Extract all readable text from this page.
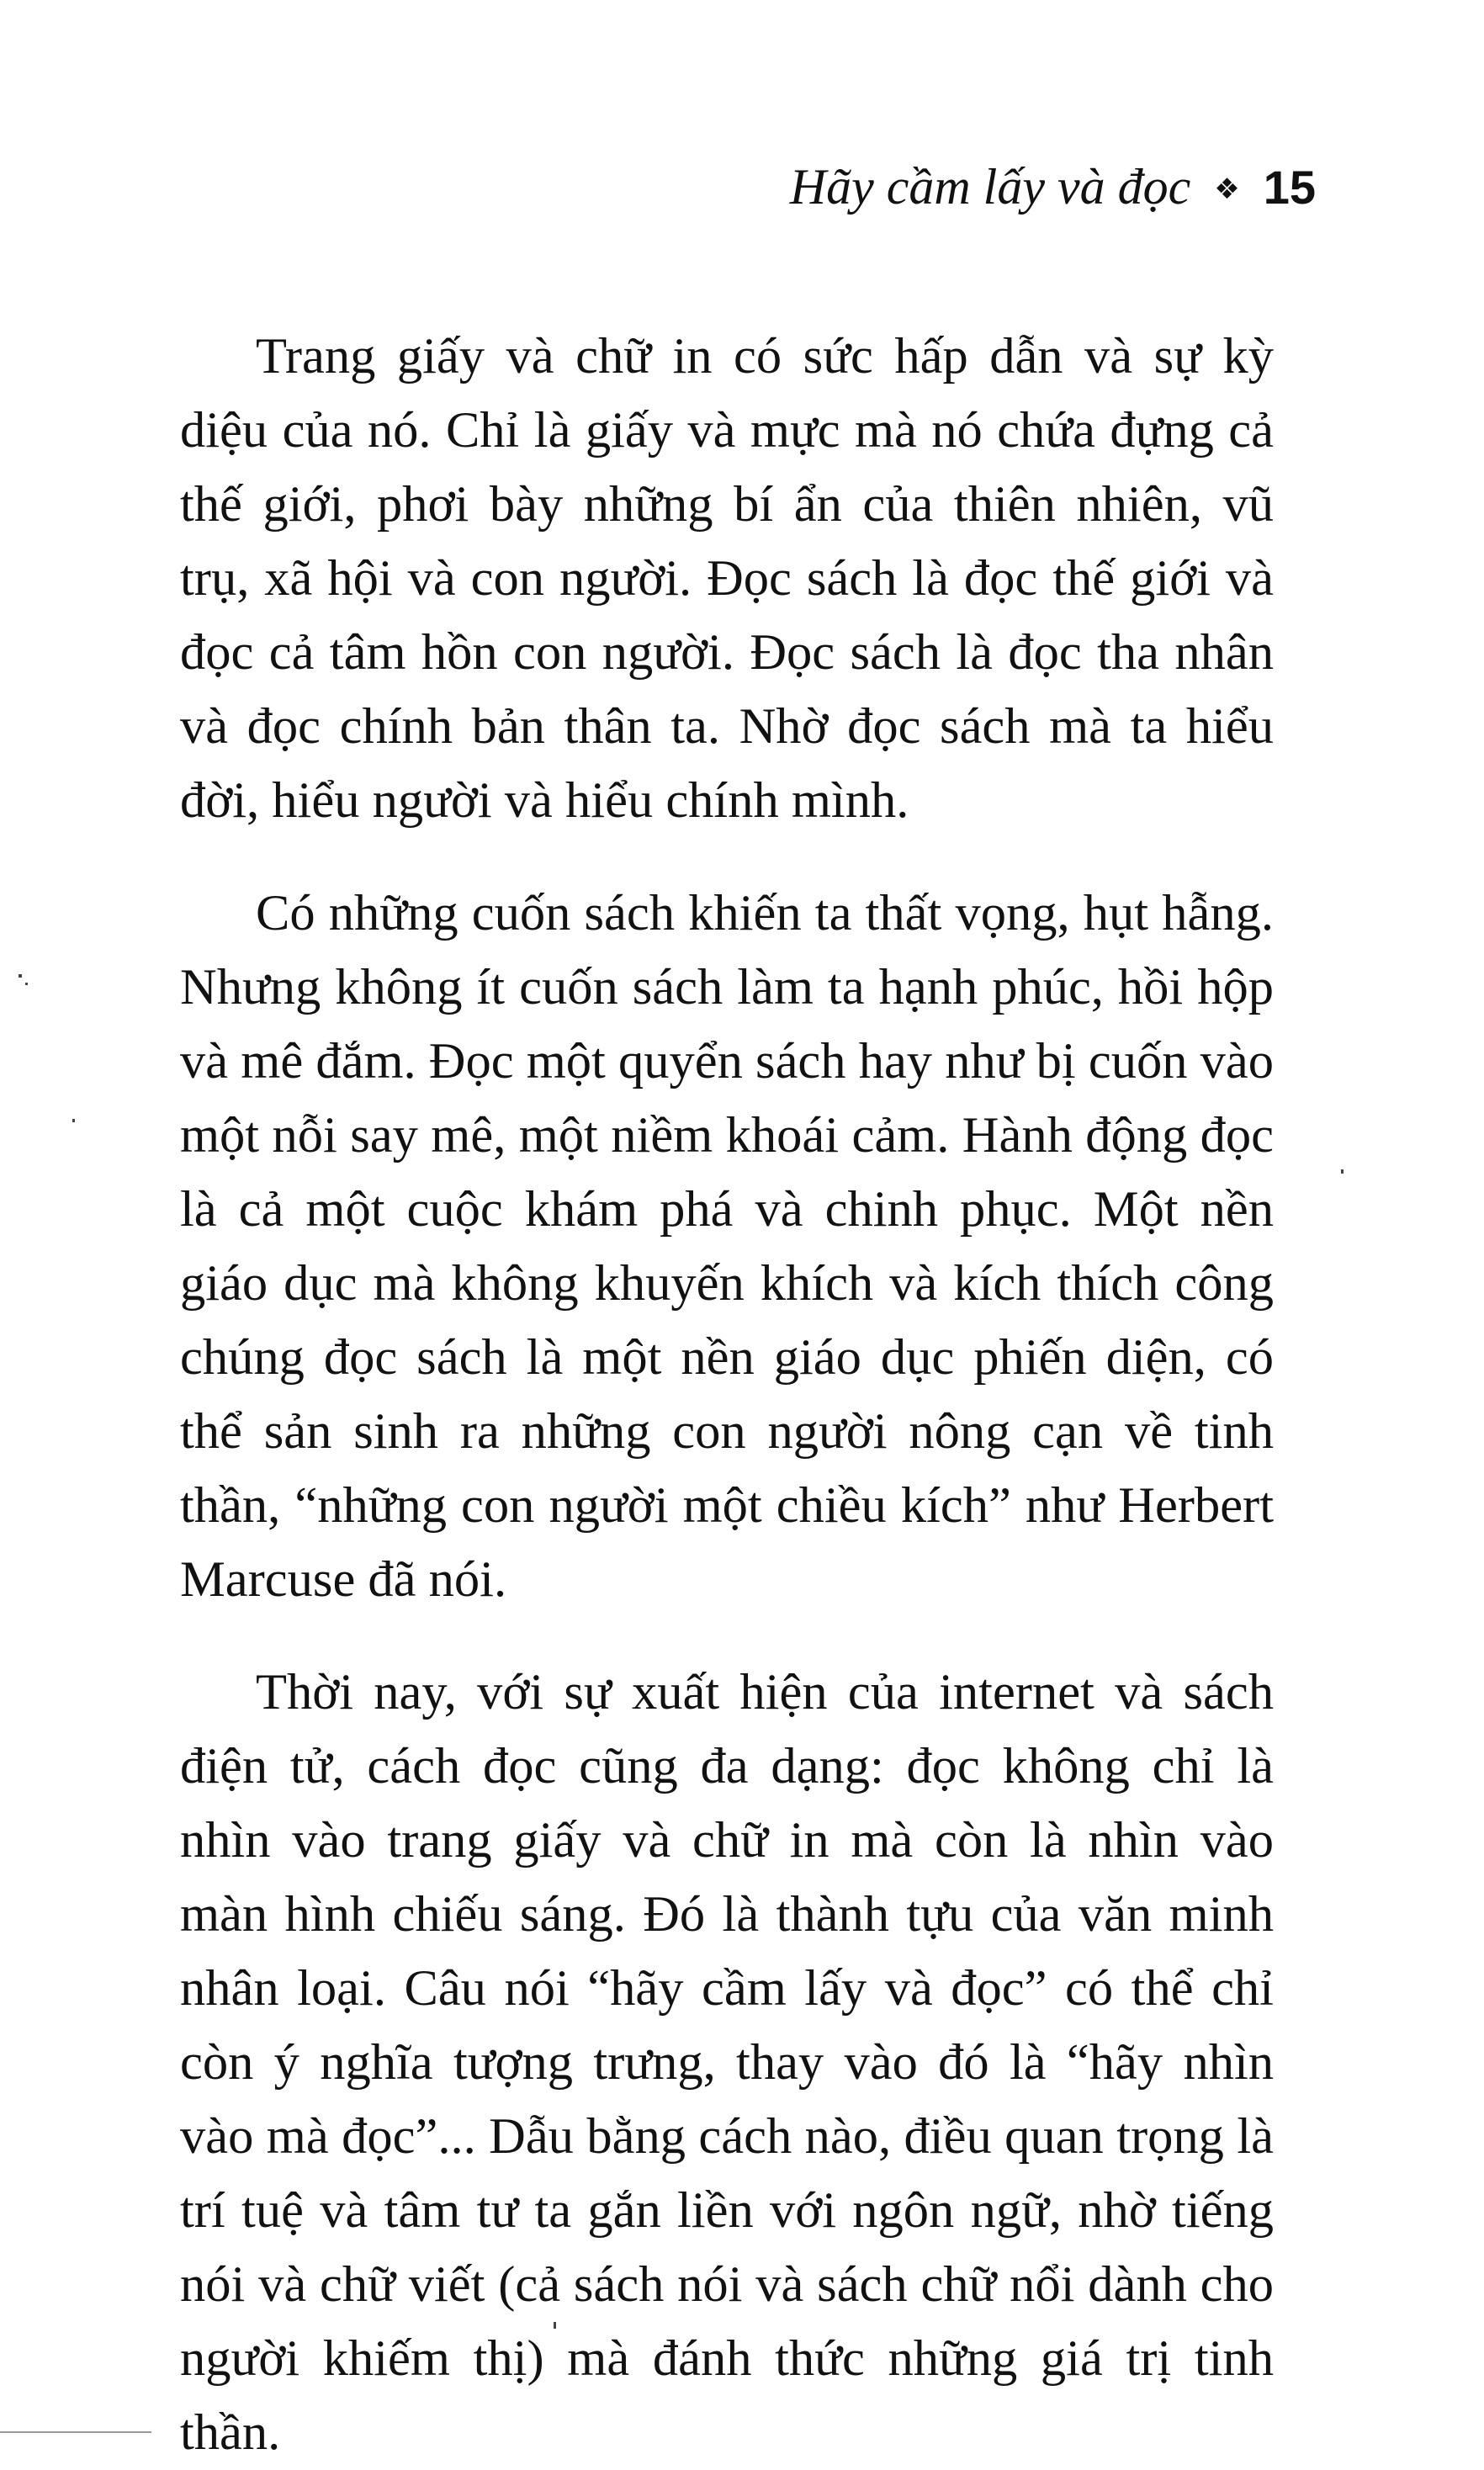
Hãy cầm lấy và đọc ❖ 15

Trang giấy và chữ in có sức hấp dẫn và sự kỳ diệu của nó. Chỉ là giấy và mực mà nó chứa đựng cả thế giới, phơi bày những bí ẩn của thiên nhiên, vũ trụ, xã hội và con người. Đọc sách là đọc thế giới và đọc cả tâm hồn con người. Đọc sách là đọc tha nhân và đọc chính bản thân ta. Nhờ đọc sách mà ta hiểu đời, hiểu người và hiểu chính mình.

Có những cuốn sách khiến ta thất vọng, hụt hẫng. Nhưng không ít cuốn sách làm ta hạnh phúc, hồi hộp và mê đắm. Đọc một quyển sách hay như bị cuốn vào một nỗi say mê, một niềm khoái cảm. Hành động đọc là cả một cuộc khám phá và chinh phục. Một nền giáo dục mà không khuyến khích và kích thích công chúng đọc sách là một nền giáo dục phiến diện, có thể sản sinh ra những con người nông cạn về tinh thần, “những con người một chiều kích” như Herbert Marcuse đã nói.

Thời nay, với sự xuất hiện của internet và sách điện tử, cách đọc cũng đa dạng: đọc không chỉ là nhìn vào trang giấy và chữ in mà còn là nhìn vào màn hình chiếu sáng. Đó là thành tựu của văn minh nhân loại. Câu nói “hãy cầm lấy và đọc” có thể chỉ còn ý nghĩa tượng trưng, thay vào đó là “hãy nhìn vào mà đọc”... Dẫu bằng cách nào, điều quan trọng là trí tuệ và tâm tư ta gắn liền với ngôn ngữ, nhờ tiếng nói và chữ viết (cả sách nói và sách chữ nổi dành cho người khiếm thị) mà đánh thức những giá trị tinh thần.
